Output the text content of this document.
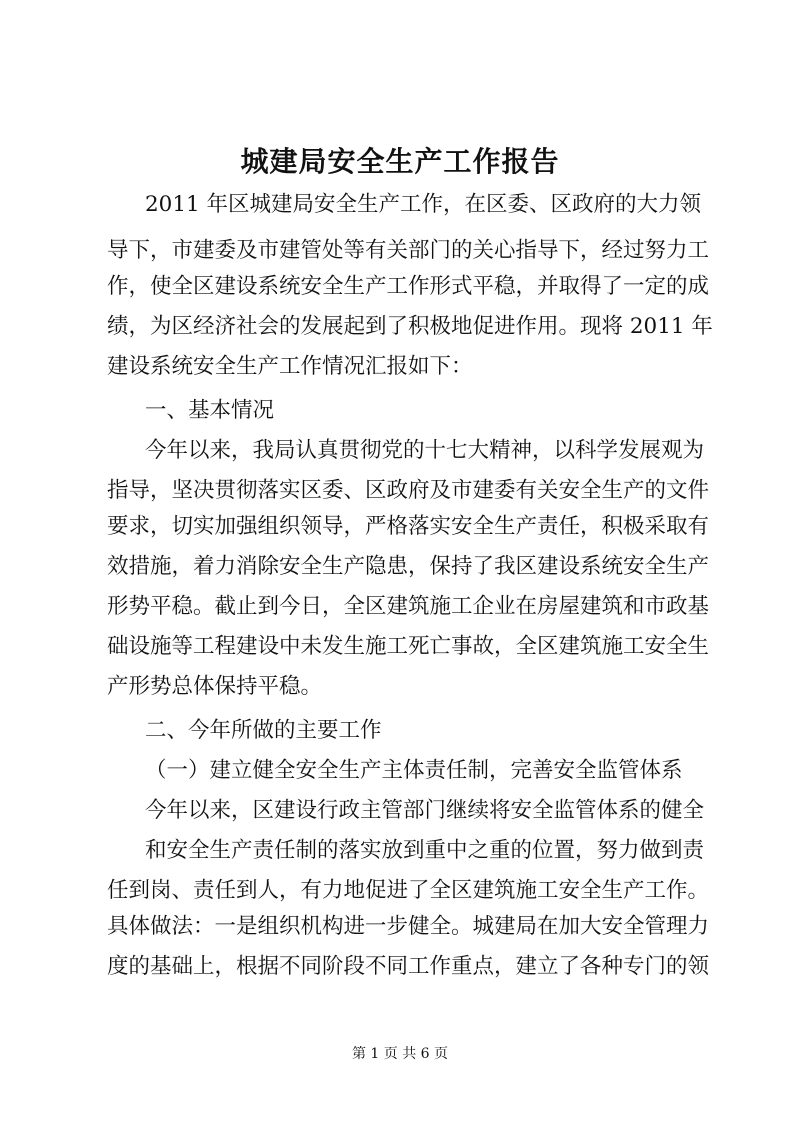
城建局安全生产工作报告

2011 年区城建局安全生产工作，在区委、区政府的大力领

导下，市建委及市建管处等有关部门的关心指导下，经过努力工

作，使全区建设系统安全生产工作形式平稳，并取得了一定的成

绩，为区经济社会的发展起到了积极地促进作用。现将 2011 年

建设系统安全生产工作情况汇报如下：

一、基本情况

今年以来，我局认真贯彻党的十七大精神，以科学发展观为

指导，坚决贯彻落实区委、区政府及市建委有关安全生产的文件

要求，切实加强组织领导，严格落实安全生产责任，积极采取有

效措施，着力消除安全生产隐患，保持了我区建设系统安全生产

形势平稳。截止到今日，全区建筑施工企业在房屋建筑和市政基

础设施等工程建设中未发生施工死亡事故，全区建筑施工安全生

产形势总体保持平稳。

二、今年所做的主要工作

（一）建立健全安全生产主体责任制，完善安全监管体系

今年以来，区建设行政主管部门继续将安全监管体系的健全

和安全生产责任制的落实放到重中之重的位置，努力做到责

任到岗、责任到人，有力地促进了全区建筑施工安全生产工作。

具体做法：一是组织机构进一步健全。城建局在加大安全管理力

度的基础上，根据不同阶段不同工作重点，建立了各种专门的领

第 1 页 共 6 页
